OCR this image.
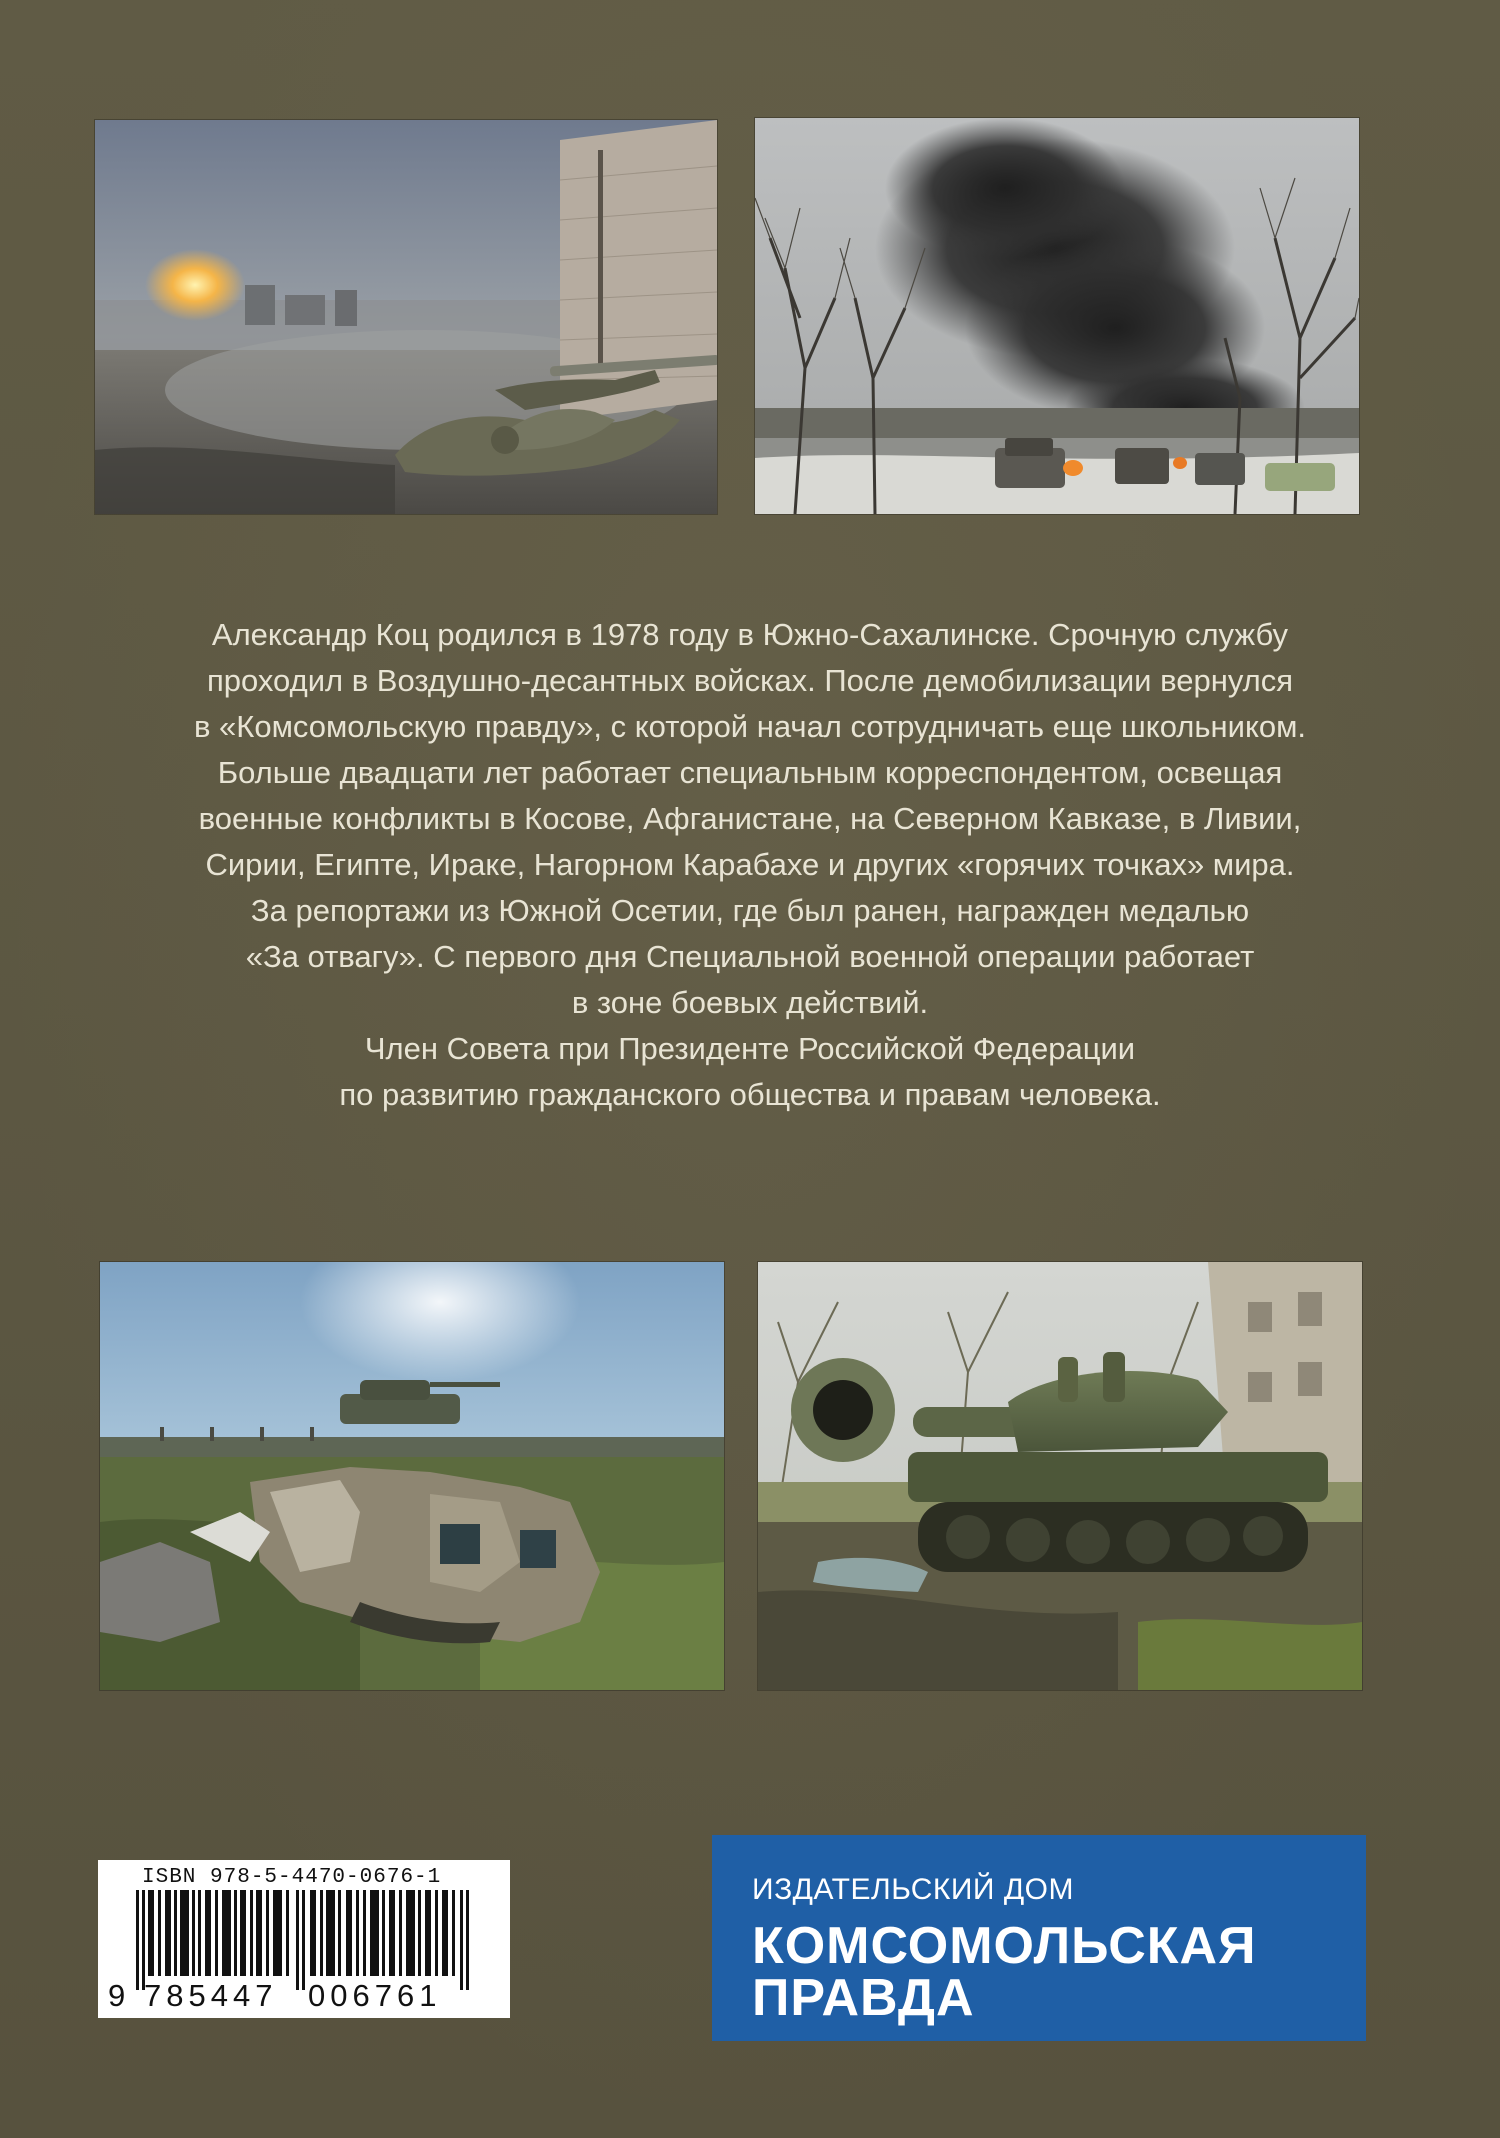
Александр Коц родился в 1978 году в Южно-Сахалинске. Срочную службу
проходил в Воздушно-десантных войсках. После демобилизации вернулся
в «Комсомольскую правду», с которой начал сотрудничать еще школьником.
Больше двадцати лет работает специальным корреспондентом, освещая
военные конфликты в Косове, Афганистане, на Северном Кавказе, в Ливии,
Сирии, Египте, Ираке, Нагорном Карабахе и других «горячих точках» мира.
За репортажи из Южной Осетии, где был ранен, награжден медалью
«За отвагу». С первого дня Специальной военной операции работает
в зоне боевых действий.
Член Совета при Президенте Российской Федерации
по развитию гражданского общества и правам человека.
ISBN 978-5-4470-0676-1
9 785447 006761
ИЗДАТЕЛЬСКИЙ ДОМ
КОМСОМОЛЬСКАЯ
ПРАВДА
